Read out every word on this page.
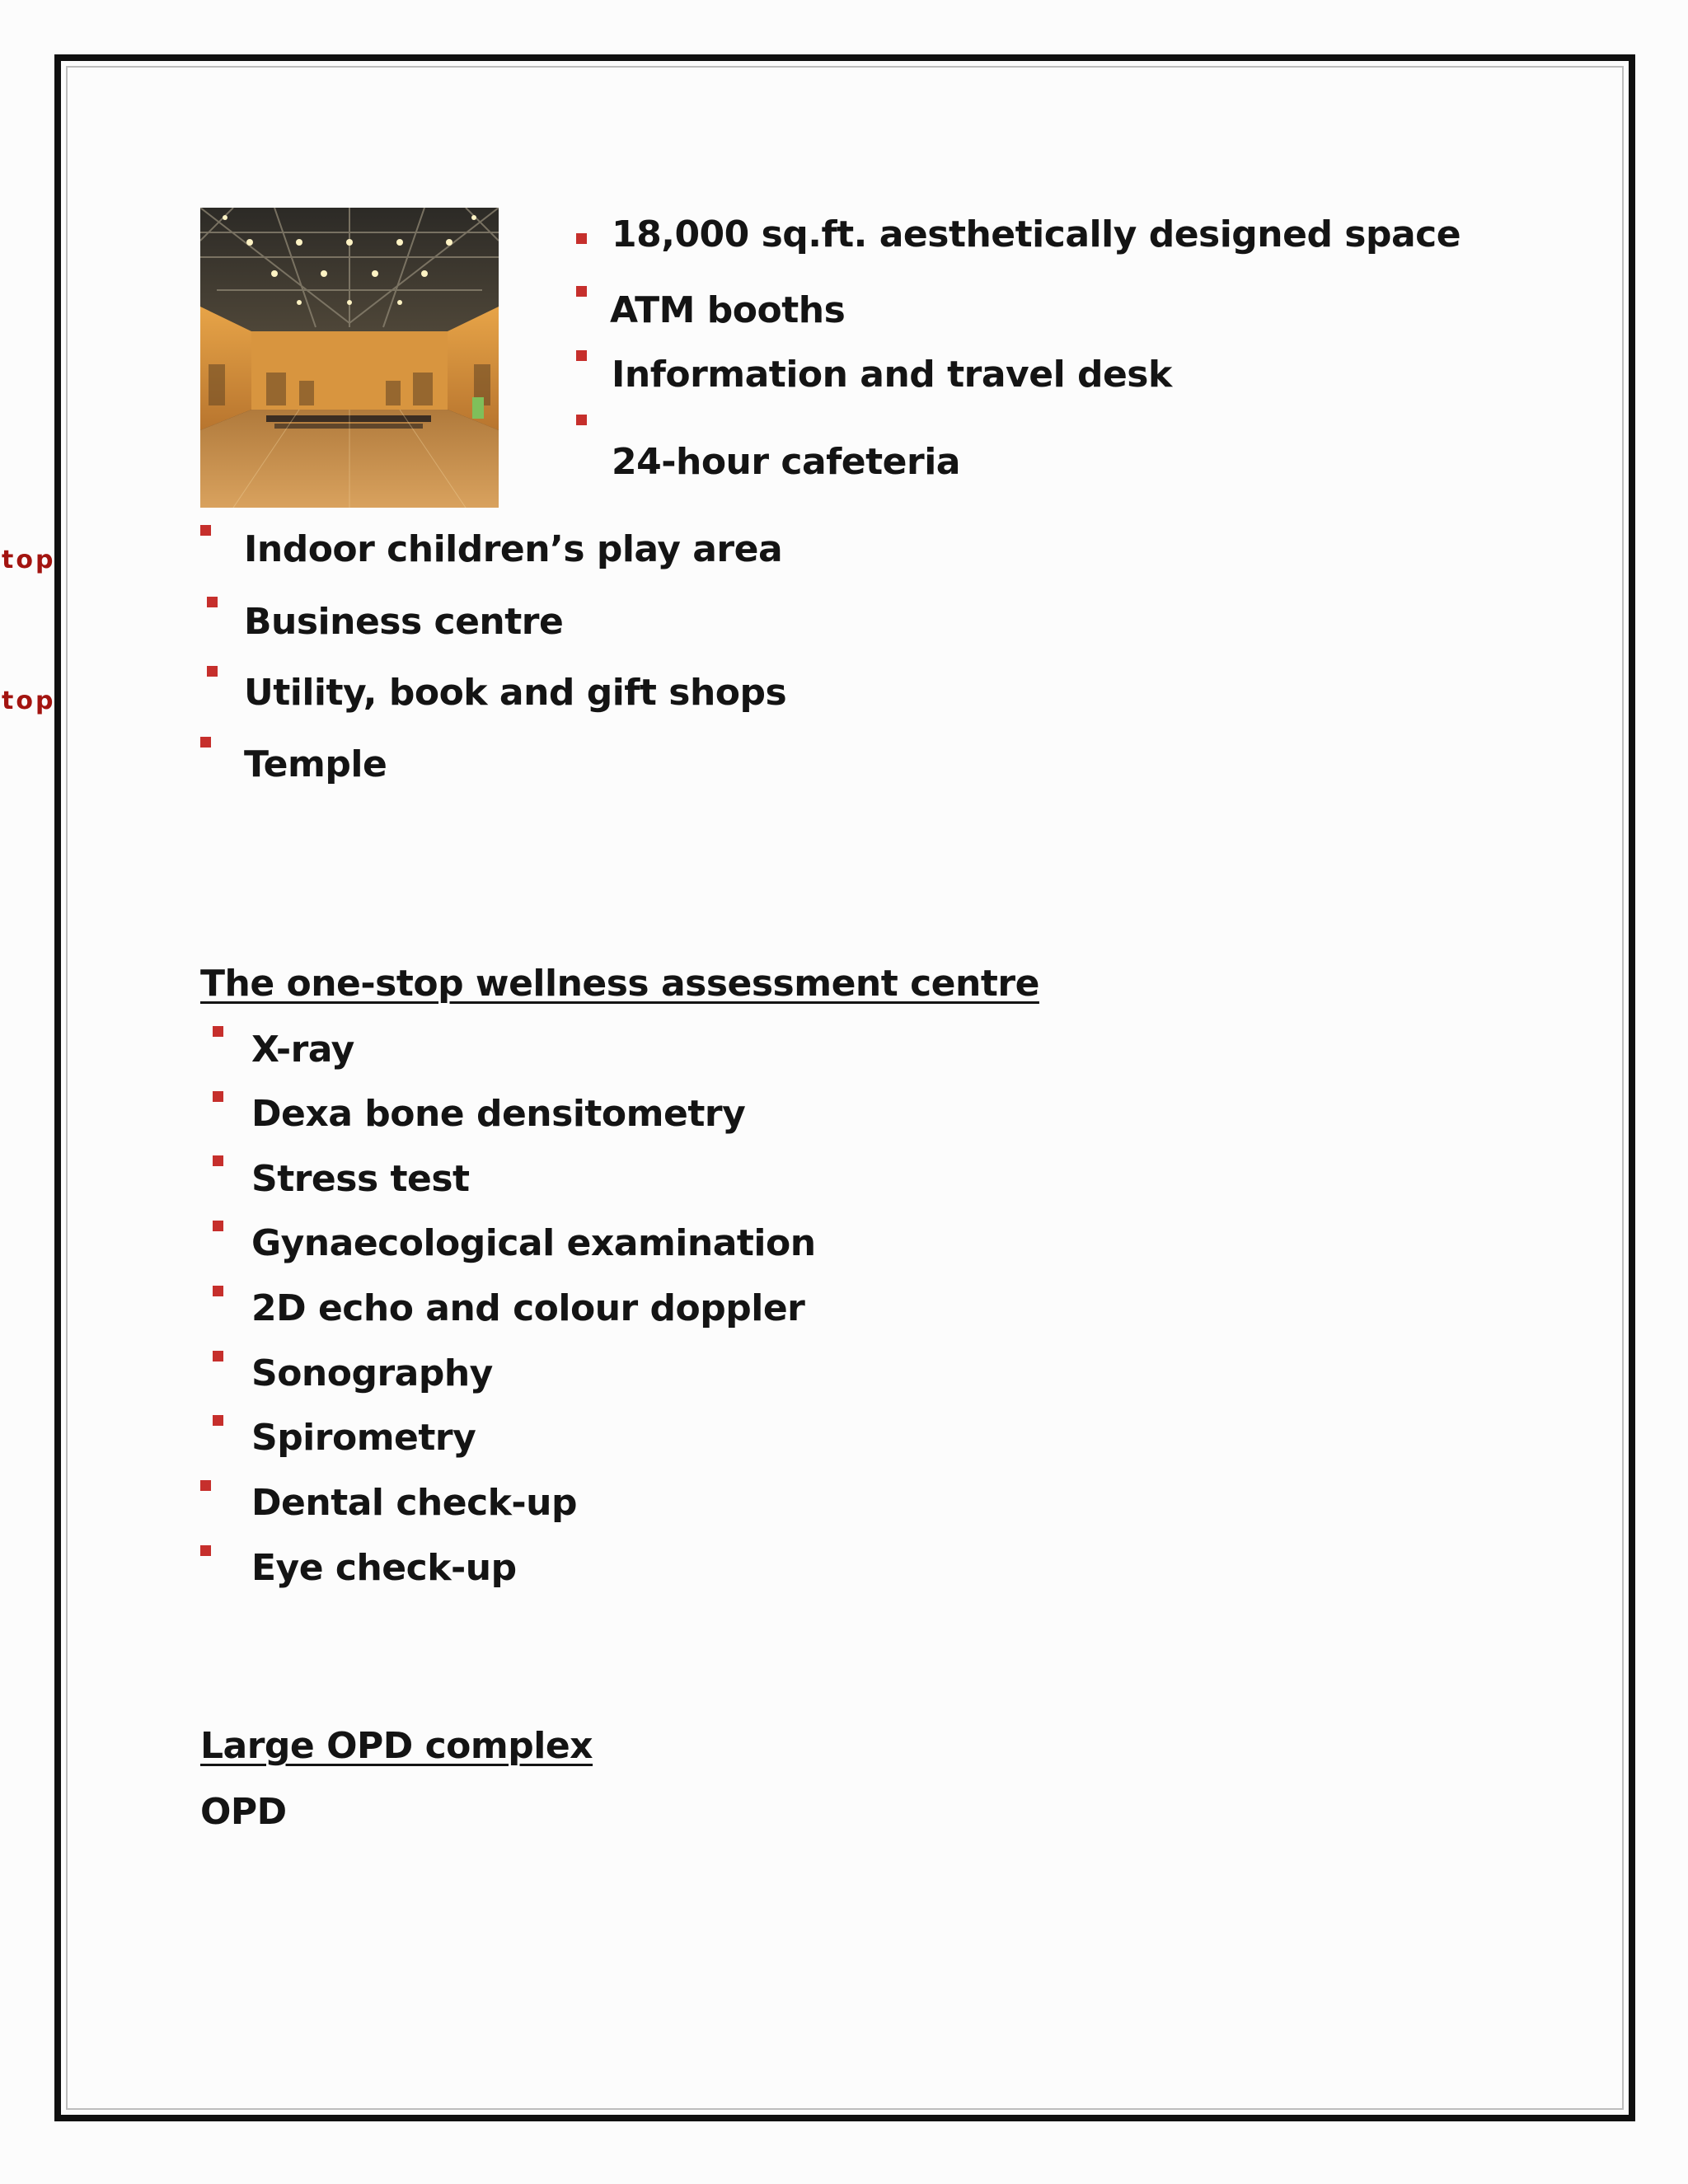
18,000 sq.ft. aesthetically designed space
ATM booths
Information and travel desk
24-hour cafeteria
top
top
Indoor children’s play area
Business centre
Utility, book and gift shops
Temple
The one-stop wellness assessment centre
X-ray
Dexa bone densitometry
Stress test
Gynaecological examination
2D echo and colour doppler
Sonography
Spirometry
Dental check-up
Eye check-up
Large OPD complex
OPD
